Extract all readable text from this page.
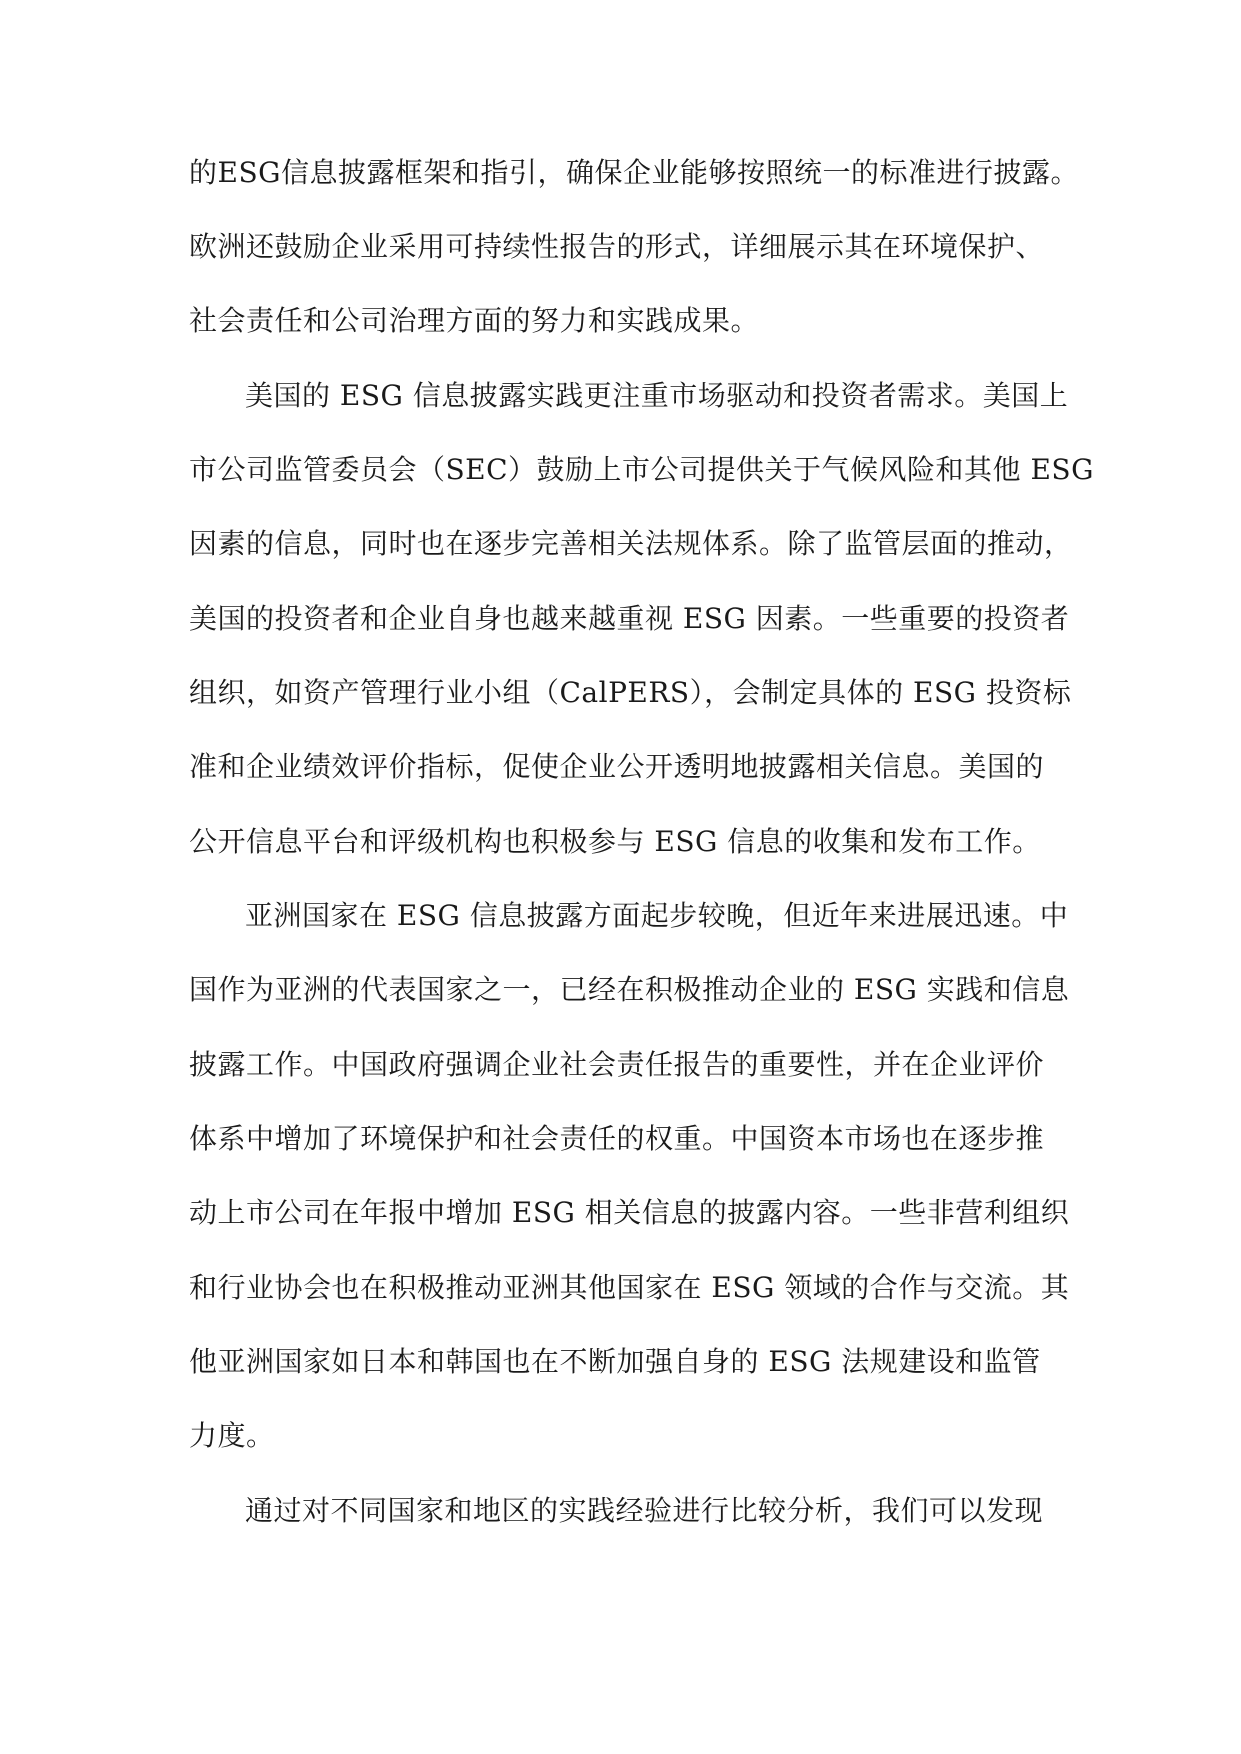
的ESG信息披露框架和指引，确保企业能够按照统一的标准进行披露。

欧洲还鼓励企业采用可持续性报告的形式，详细展示其在环境保护、

社会责任和公司治理方面的努力和实践成果。

美国的 ESG 信息披露实践更注重市场驱动和投资者需求。美国上

市公司监管委员会（SEC）鼓励上市公司提供关于气候风险和其他 ESG

因素的信息，同时也在逐步完善相关法规体系。除了监管层面的推动，

美国的投资者和企业自身也越来越重视 ESG 因素。一些重要的投资者

组织，如资产管理行业小组（CalPERS），会制定具体的 ESG 投资标

准和企业绩效评价指标，促使企业公开透明地披露相关信息。美国的

公开信息平台和评级机构也积极参与 ESG 信息的收集和发布工作。

亚洲国家在 ESG 信息披露方面起步较晚，但近年来进展迅速。中

国作为亚洲的代表国家之一，已经在积极推动企业的 ESG 实践和信息

披露工作。中国政府强调企业社会责任报告的重要性，并在企业评价

体系中增加了环境保护和社会责任的权重。中国资本市场也在逐步推

动上市公司在年报中增加 ESG 相关信息的披露内容。一些非营利组织

和行业协会也在积极推动亚洲其他国家在 ESG 领域的合作与交流。其

他亚洲国家如日本和韩国也在不断加强自身的 ESG 法规建设和监管

力度。

通过对不同国家和地区的实践经验进行比较分析，我们可以发现
